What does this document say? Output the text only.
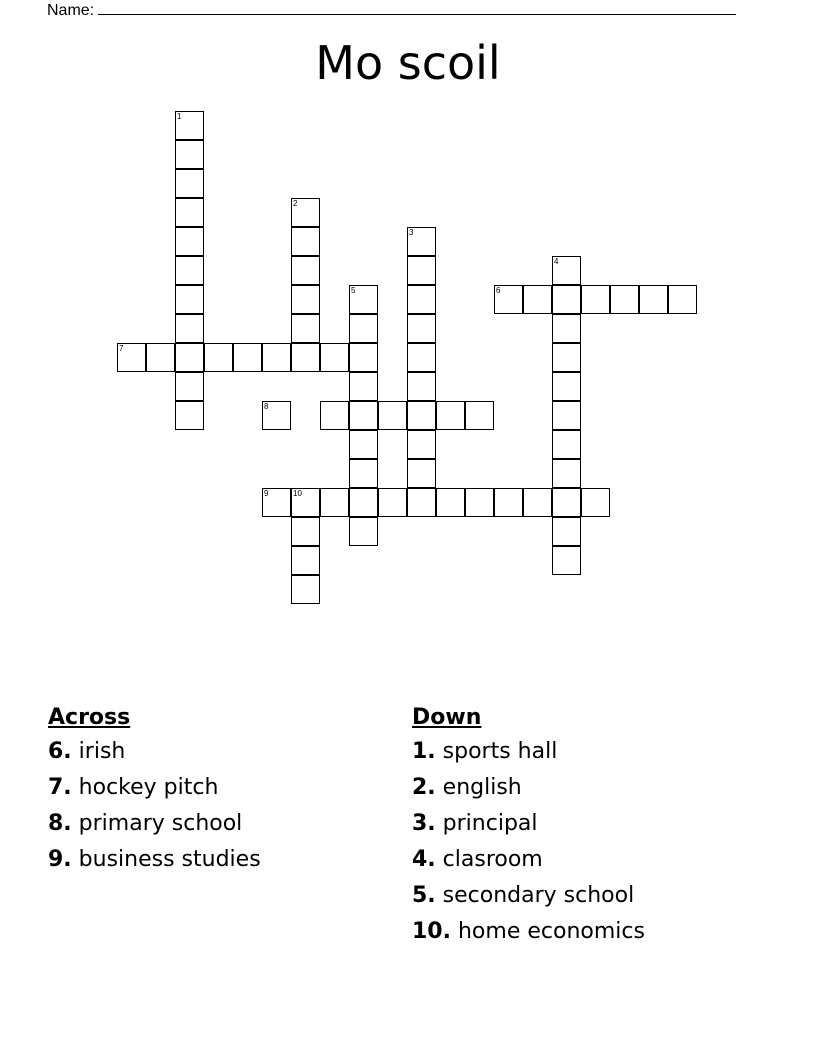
Name:
Mo scoil
1
2
10
3
4
5	6
7
8
9
Across
6. irish
7. hockey pitch
8. primary school
9. business studies
Down
1. sports hall
2. english
3. principal
4. clasroom
5. secondary school
10. home economics
